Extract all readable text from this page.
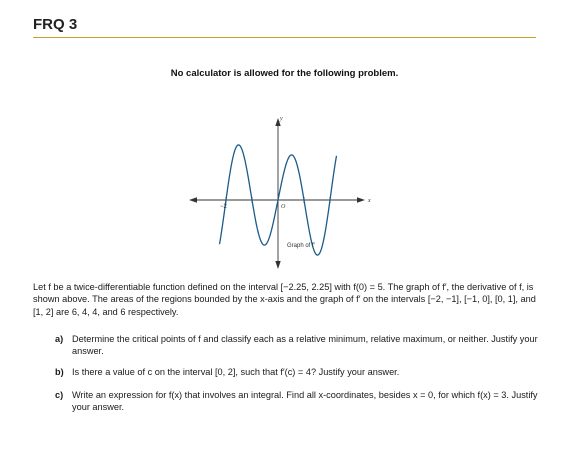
FRQ 3
No calculator is allowed for the following problem.
y
x
O
−2
Graph of f′
Let f be a twice-differentiable function defined on the interval [−2.25, 2.25] with f(0) = 5. The graph of f′, the derivative of f, is shown above. The areas of the regions bounded by the x-axis and the graph of f′ on the intervals [−2, −1], [−1, 0], [0, 1], and [1, 2] are 6, 4, 4, and 6 respectively.
a) Determine the critical points of f and classify each as a relative minimum, relative maximum, or neither. Justify your answer.
b) Is there a value of c on the interval [0, 2], such that f′(c) = 4? Justify your answer.
c) Write an expression for f(x) that involves an integral. Find all x-coordinates, besides x = 0, for which f(x) = 3. Justify your answer.
